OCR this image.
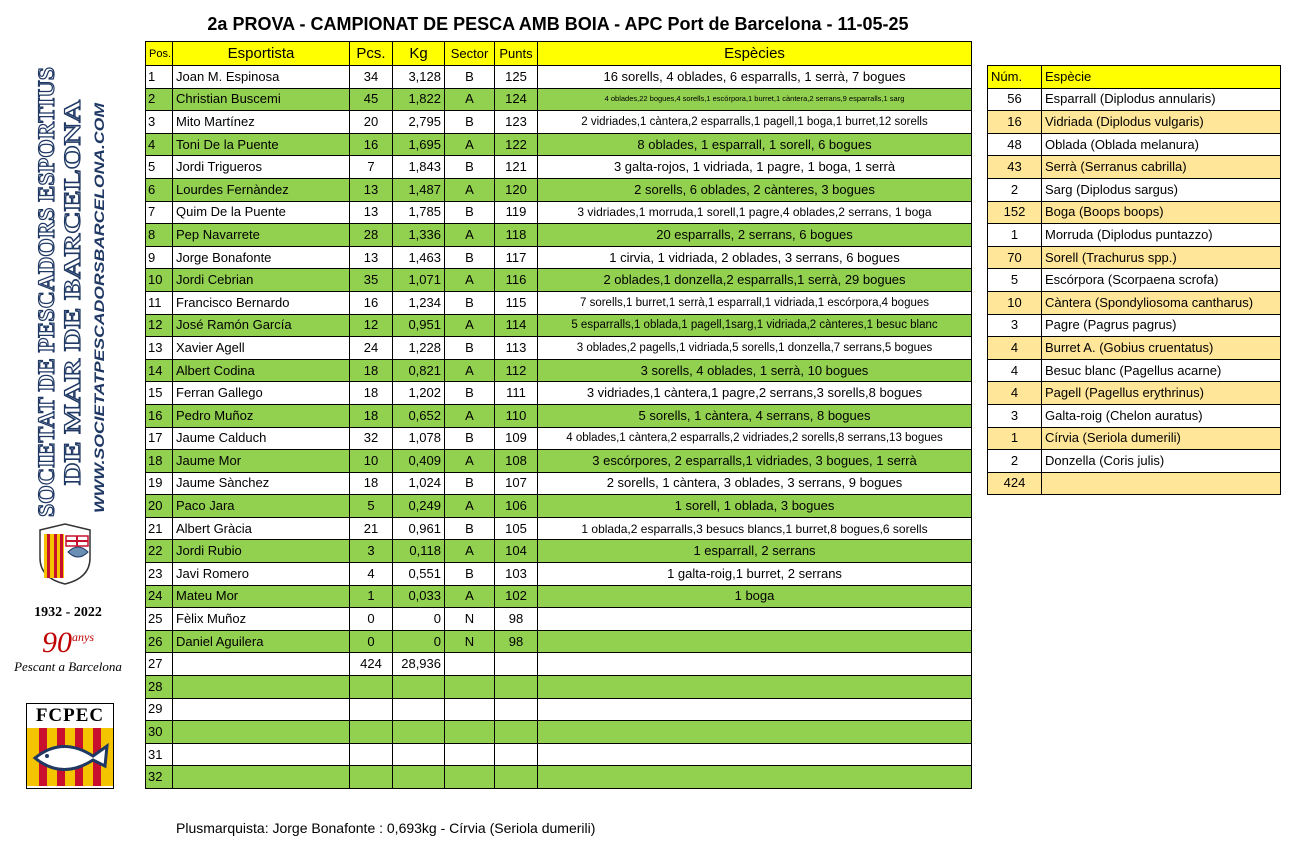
2a PROVA - CAMPIONAT DE PESCA AMB BOIA - APC Port de Barcelona - 11-05-25
SOCIETAT DE PESCADORS ESPORTIUS DE MAR DE BARCELONA WWW.SOCIETATPESCADORSBARCELONA.COM
1932 - 2022
$90^{anys}$
Pescant a Barcelona
FCPEC
Pos.	Esportista	Pcs.	Kg	Sector	Punts	Espècies
1	Joan M. Espinosa	34	3,128	B	125	16 sorells, 4 oblades, 6 esparralls, 1 serrà, 7 bogues
2	Christian Buscemi	45	1,822	A	124	4 oblades,22 bogues,4 sorells,1 escórpora,1 burret,1 càntera,2 serrans,9 esparralls,1 sarg
3	Mito Martínez	20	2,795	B	123	2 vidriades,1 càntera,2 esparralls,1 pagell,1 boga,1 burret,12 sorells
4	Toni De la Puente	16	1,695	A	122	8 oblades, 1 esparrall, 1 sorell, 6 bogues
5	Jordi Trigueros	7	1,843	B	121	3 galta-rojos, 1 vidriada, 1 pagre, 1 boga, 1 serrà
6	Lourdes Fernàndez	13	1,487	A	120	2 sorells, 6 oblades, 2 cànteres, 3 bogues
7	Quim De la Puente	13	1,785	B	119	3 vidriades,1 morruda,1 sorell,1 pagre,4 oblades,2 serrans, 1 boga
8	Pep Navarrete	28	1,336	A	118	20 esparralls, 2 serrans, 6 bogues
9	Jorge Bonafonte	13	1,463	B	117	1 cirvia, 1 vidriada, 2 oblades, 3 serrans, 6 bogues
10	Jordi Cebrian	35	1,071	A	116	2 oblades,1 donzella,2 esparralls,1 serrà, 29 bogues
11	Francisco Bernardo	16	1,234	B	115	7 sorells,1 burret,1 serrà,1 esparrall,1 vidriada,1 escórpora,4 bogues
12	José Ramón García	12	0,951	A	114	5 esparralls,1 oblada,1 pagell,1sarg,1 vidriada,2 cànteres,1 besuc blanc
13	Xavier Agell	24	1,228	B	113	3 oblades,2 pagells,1 vidriada,5 sorells,1 donzella,7 serrans,5 bogues
14	Albert Codina	18	0,821	A	112	3 sorells, 4 oblades, 1 serrà, 10 bogues
15	Ferran Gallego	18	1,202	B	111	3 vidriades,1 càntera,1 pagre,2 serrans,3 sorells,8 bogues
16	Pedro Muñoz	18	0,652	A	110	5 sorells, 1 càntera, 4 serrans, 8 bogues
17	Jaume Calduch	32	1,078	B	109	4 oblades,1 càntera,2 esparralls,2 vidriades,2 sorells,8 serrans,13 bogues
18	Jaume Mor	10	0,409	A	108	3 escórpores, 2 esparralls,1 vidriades, 3 bogues, 1 serrà
19	Jaume Sànchez	18	1,024	B	107	2 sorells, 1 càntera, 3 oblades, 3 serrans, 9 bogues
20	Paco Jara	5	0,249	A	106	1 sorell, 1 oblada, 3 bogues
21	Albert Gràcia	21	0,961	B	105	1 oblada,2 esparralls,3 besucs blancs,1 burret,8 bogues,6 sorells
22	Jordi Rubio	3	0,118	A	104	1 esparrall, 2 serrans
23	Javi Romero	4	0,551	B	103	1 galta-roig,1 burret, 2 serrans
24	Mateu Mor	1	0,033	A	102	1 boga
25	Fèlix Muñoz	0	0	N	98	
26	Daniel Aguilera	0	0	N	98	
27		424	28,936			
28						
29						
30						
31						
32						
Núm.	Espècie
56	Esparrall (Diplodus annularis)
16	Vidriada (Diplodus vulgaris)
48	Oblada (Oblada melanura)
43	Serrà (Serranus cabrilla)
2	Sarg (Diplodus sargus)
152	Boga (Boops boops)
1	Morruda (Diplodus puntazzo)
70	Sorell (Trachurus spp.)
5	Escórpora (Scorpaena scrofa)
10	Càntera (Spondyliosoma cantharus)
3	Pagre (Pagrus pagrus)
4	Burret A. (Gobius cruentatus)
4	Besuc blanc (Pagellus acarne)
4	Pagell (Pagellus erythrinus)
3	Galta-roig (Chelon auratus)
1	Círvia (Seriola dumerili)
2	Donzella (Coris julis)
424	
Plusmarquista: Jorge Bonafonte : 0,693kg - Círvia (Seriola dumerili)
